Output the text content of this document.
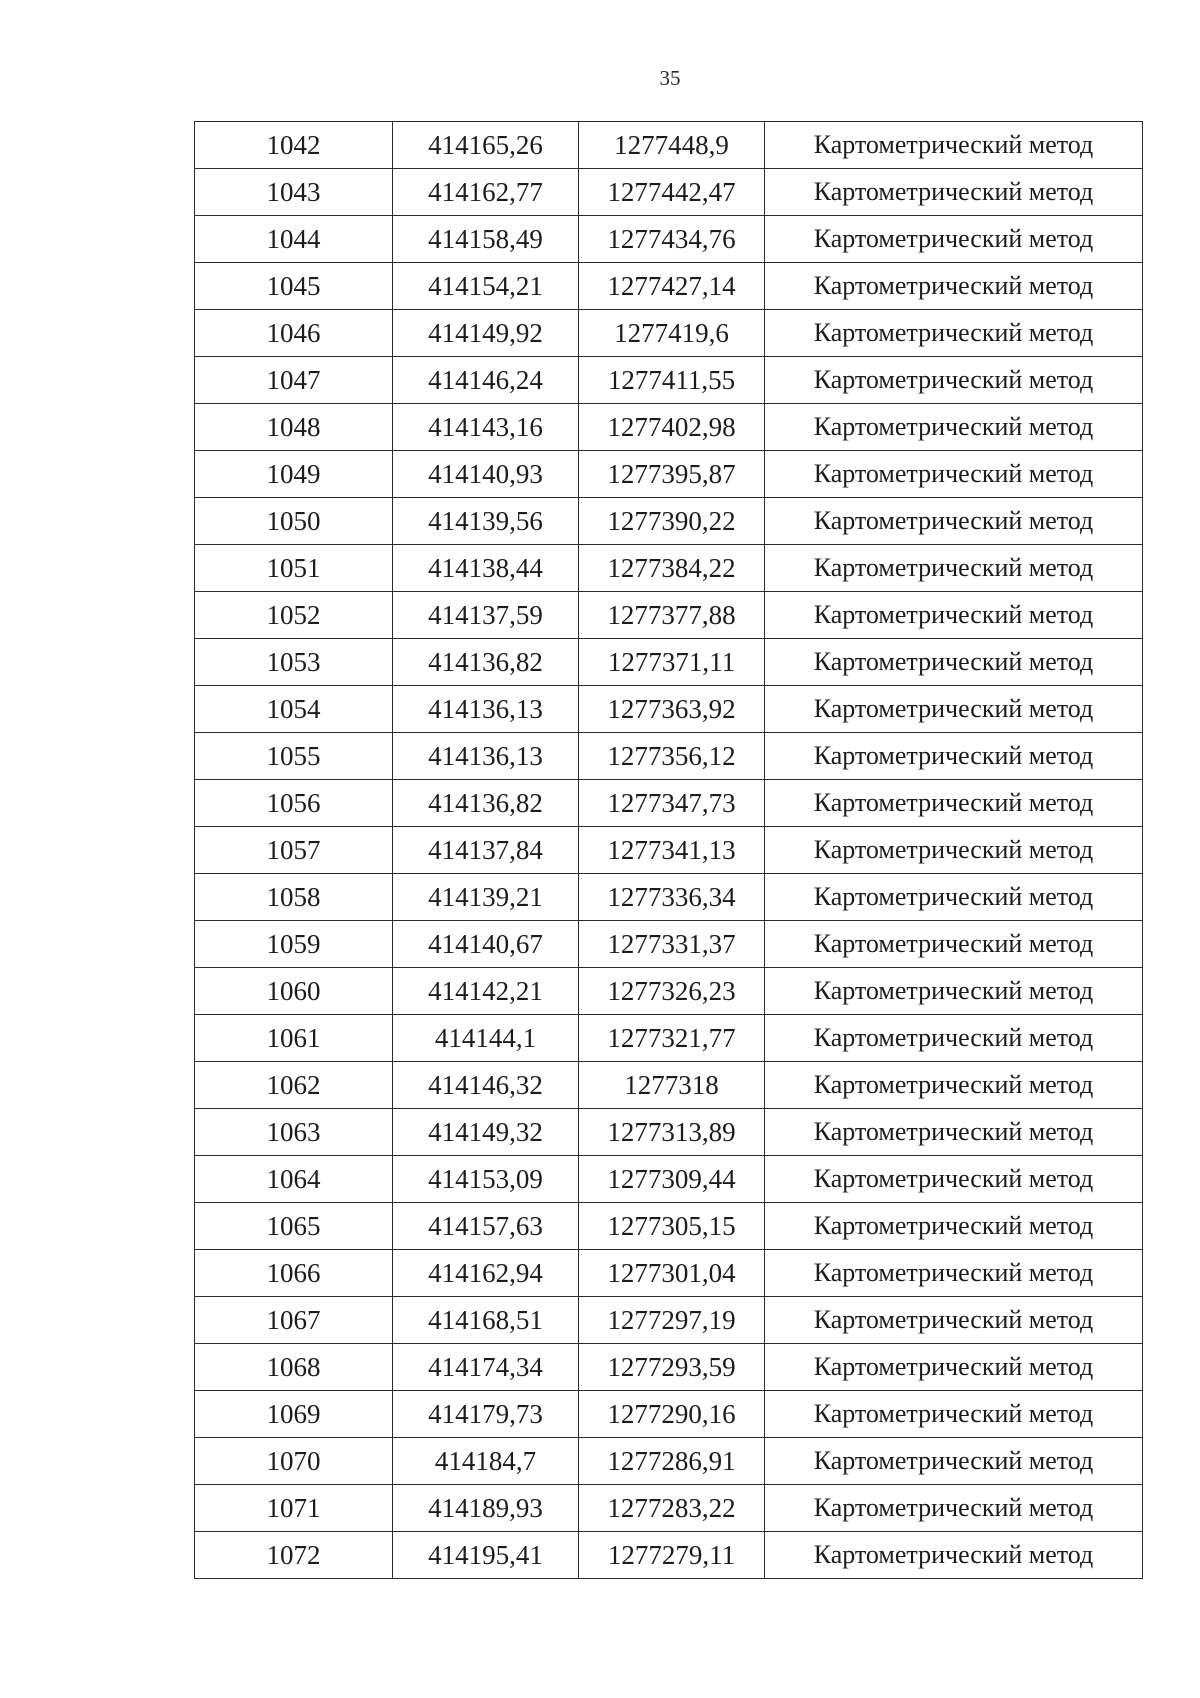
35
1042	414165,26	1277448,9	Картометрический метод
1043	414162,77	1277442,47	Картометрический метод
1044	414158,49	1277434,76	Картометрический метод
1045	414154,21	1277427,14	Картометрический метод
1046	414149,92	1277419,6	Картометрический метод
1047	414146,24	1277411,55	Картометрический метод
1048	414143,16	1277402,98	Картометрический метод
1049	414140,93	1277395,87	Картометрический метод
1050	414139,56	1277390,22	Картометрический метод
1051	414138,44	1277384,22	Картометрический метод
1052	414137,59	1277377,88	Картометрический метод
1053	414136,82	1277371,11	Картометрический метод
1054	414136,13	1277363,92	Картометрический метод
1055	414136,13	1277356,12	Картометрический метод
1056	414136,82	1277347,73	Картометрический метод
1057	414137,84	1277341,13	Картометрический метод
1058	414139,21	1277336,34	Картометрический метод
1059	414140,67	1277331,37	Картометрический метод
1060	414142,21	1277326,23	Картометрический метод
1061	414144,1	1277321,77	Картометрический метод
1062	414146,32	1277318	Картометрический метод
1063	414149,32	1277313,89	Картометрический метод
1064	414153,09	1277309,44	Картометрический метод
1065	414157,63	1277305,15	Картометрический метод
1066	414162,94	1277301,04	Картометрический метод
1067	414168,51	1277297,19	Картометрический метод
1068	414174,34	1277293,59	Картометрический метод
1069	414179,73	1277290,16	Картометрический метод
1070	414184,7	1277286,91	Картометрический метод
1071	414189,93	1277283,22	Картометрический метод
1072	414195,41	1277279,11	Картометрический метод
